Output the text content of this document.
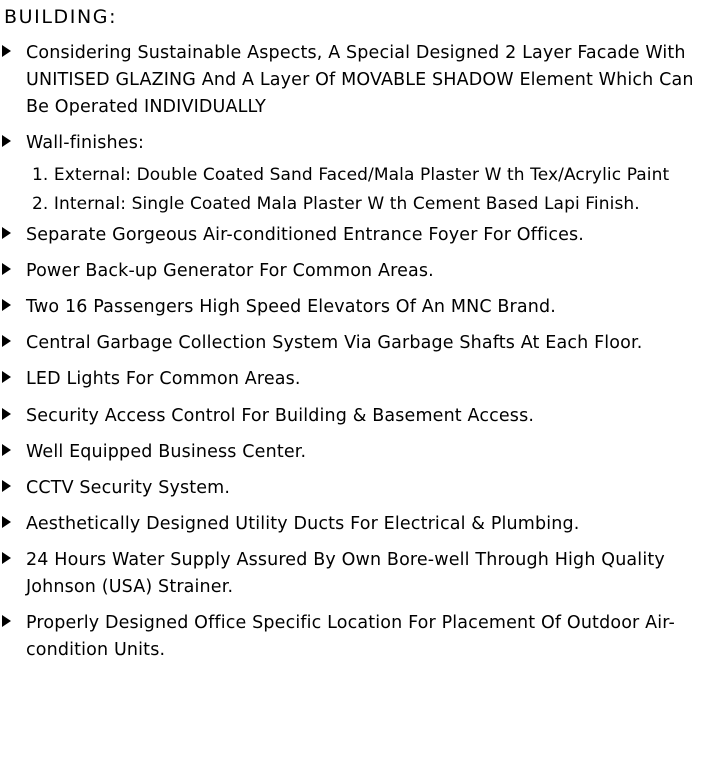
BUILDING:
Considering Sustainable Aspects, A Special Designed 2 Layer Facade With UNITISED GLAZING And A Layer Of MOVABLE SHADOW Element Which Can Be Operated INDIVIDUALLY
Wall-finishes:
1. External: Double Coated Sand Faced/Mala Plaster W th Tex/Acrylic Paint
2. Internal: Single Coated Mala Plaster W th Cement Based Lapi Finish.
Separate Gorgeous Air-conditioned Entrance Foyer For Offices.
Power Back-up Generator For Common Areas.
Two 16 Passengers High Speed Elevators Of An MNC Brand.
Central Garbage Collection System Via Garbage Shafts At Each Floor.
LED Lights For Common Areas.
Security Access Control For Building & Basement Access.
Well Equipped Business Center.
CCTV Security System.
Aesthetically Designed Utility Ducts For Electrical & Plumbing.
24 Hours Water Supply Assured By Own Bore-well Through High Quality Johnson (USA) Strainer.
Properly Designed Office Specific Location For Placement Of Outdoor Air-condition Units.
